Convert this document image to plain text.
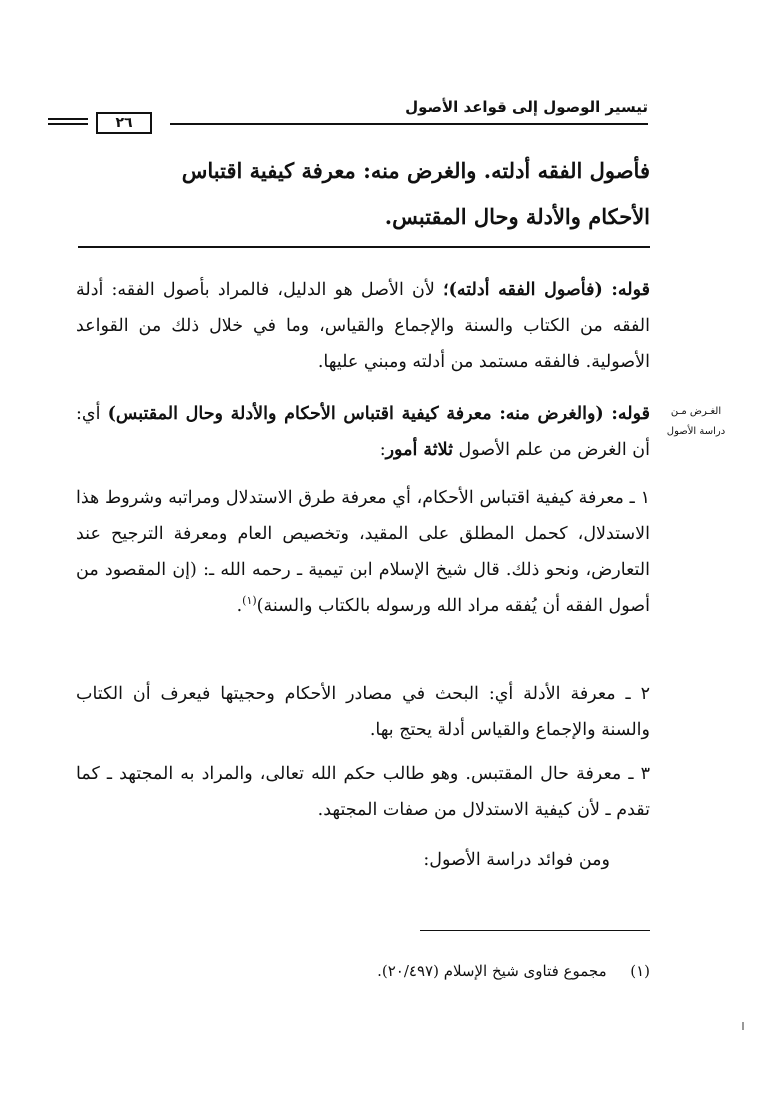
تيسير الوصول إلى قواعد الأصول
٢٦
فأصول الفقه أدلته. والغرض منه: معرفة كيفية اقتباس
الأحكام والأدلة وحال المقتبس.
قوله: (فأصول الفقه أدلته)؛ لأن الأصل هو الدليل، فالمراد بأصول الفقه: أدلة الفقه من الكتاب والسنة والإجماع والقياس، وما في خلال ذلك من القواعد الأصولية. فالفقه مستمد من أدلته ومبني عليها.
الغـرض مـن
دراسة الأصول
قوله: (والغرض منه: معرفة كيفية اقتباس الأحكام والأدلة وحال المقتبس) أي: أن الغرض من علم الأصول ثلاثة أمور:
١ ـ معرفة كيفية اقتباس الأحكام، أي معرفة طرق الاستدلال ومراتبه وشروط هذا الاستدلال، كحمل المطلق على المقيد، وتخصيص العام ومعرفة الترجيح عند التعارض، ونحو ذلك. قال شيخ الإسلام ابن تيمية ـ رحمه الله ـ: (إن المقصود من أصول الفقه أن يُفقه مراد الله ورسوله بالكتاب والسنة)$^{(١)}$.
٢ ـ معرفة الأدلة أي: البحث في مصادر الأحكام وحجيتها فيعرف أن الكتاب والسنة والإجماع والقياس أدلة يحتج بها.
٣ ـ معرفة حال المقتبس. وهو طالب حكم الله تعالى، والمراد به المجتهد ـ كما تقدم ـ لأن كيفية الاستدلال من صفات المجتهد.
ومن فوائد دراسة الأصول:
(١)  مجموع فتاوى شيخ الإسلام (٢٠/٤٩٧).
